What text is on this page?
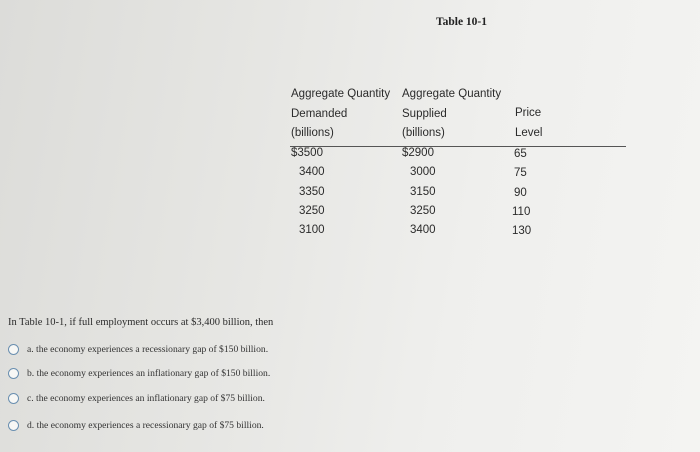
Table 10-1
Aggregate Quantity
Demanded
(billions)
Aggregate Quantity
Supplied
(billions)
Price
Level
$3500
3400
3350
3250
3100
$2900
3000
3150
3250
3400
65
75
90
110
130
In Table 10-1, if full employment occurs at $3,400 billion, then
a. the economy experiences a recessionary gap of $150 billion.
b. the economy experiences an inflationary gap of $150 billion.
c. the economy experiences an inflationary gap of $75 billion.
d. the economy experiences a recessionary gap of $75 billion.
